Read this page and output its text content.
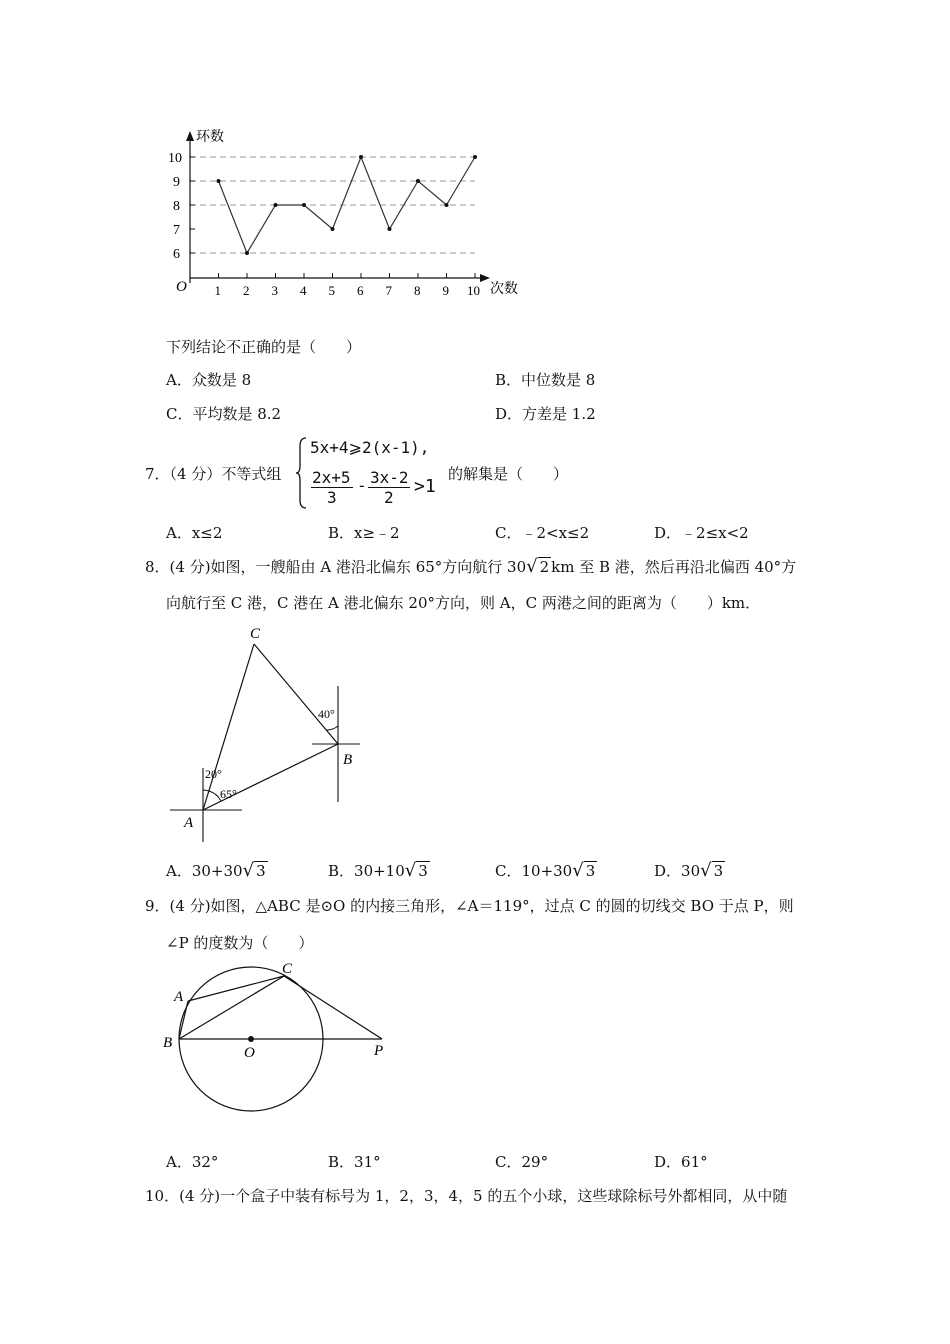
1 2 3 4 5 6 7 8 9 10
6
7
8
9
10
环数
次数
O
下列结论不正确的是（　　）
A．众数是 8	B．中位数是 8
C．平均数是 8.2	D．方差是 1.2
7．（4 分）不等式组
5x+4⩾2(x-1),
2x+5
3
- 3x-2
2
>1
的解集是（　　）
A．x≤2	B．x≥﹣2	C．﹣2<x≤2	D．﹣2≤x<2
8．(4 分)如图，一艘船由 A 港沿北偏东 65°方向航行 30√ 2 km 至 B 港，然后再沿北偏西 40°方
向航行至 C 港，C 港在 A 港北偏东 20°方向，则 A，C 两港之间的距离为（　　）km．
C
B
A
40°
20°
65°
A．30+30√ 3	B．30+10√ 3	C．10+30√ 3	D．30√ 3
9．(4 分)如图，△ABC 是⊙O 的内接三角形，∠A＝119°，过点 C 的圆的切线交 BO 于点 P，则
∠P 的度数为（　　）
A
B
C
O	P
A．32°	B．31°	C．29°	D．61°
10．(4 分)一个盒子中装有标号为 1，2，3，4，5 的五个小球，这些球除标号外都相同，从中随
